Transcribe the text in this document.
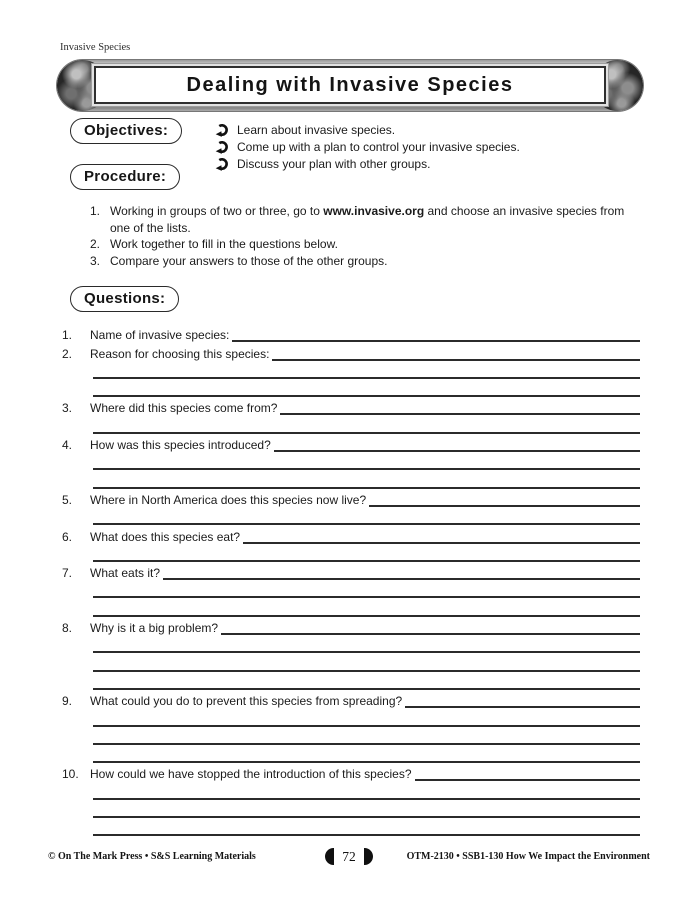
Invasive Species
Dealing with Invasive Species
Objectives:
Procedure:
Learn about invasive species.
Come up with a plan to control your invasive species.
Discuss your plan with other groups.
1. Working in groups of two or three, go to www.invasive.org and choose an invasive species from one of the lists.
2. Work together to fill in the questions below.
3. Compare your answers to those of the other groups.
Questions:
1.	Name of invasive species:
2.	Reason for choosing this species:
3.	Where did this species come from?
4.	How was this species introduced?
5.	Where in North America does this species now live?
6.	What does this species eat?
7.	What eats it?
8.	Why is it a big problem?
9.	What could you do to prevent this species from spreading?
10. How could we have stopped the introduction of this species?
© On The Mark Press • S&S Learning Materials	72	OTM-2130 • SSB1-130 How We Impact the Environment
